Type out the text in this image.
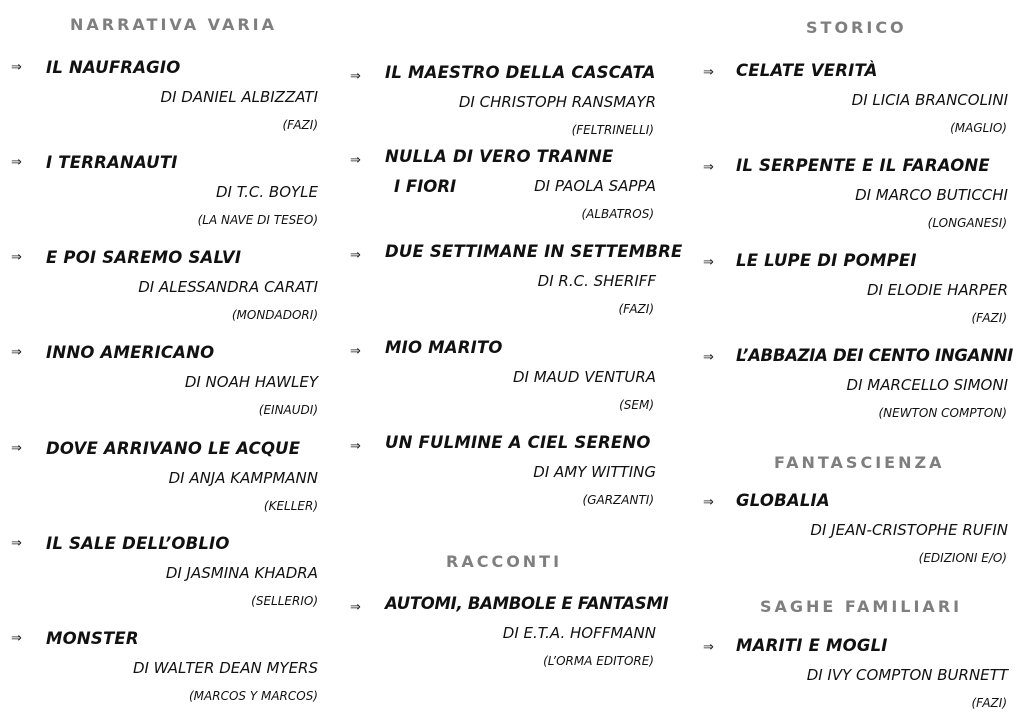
NARRATIVA VARIA
⇒ IL NAUFRAGIO
DI DANIEL ALBIZZATI
(FAZI)
⇒ I TERRANAUTI
DI T.C. BOYLE
(LA NAVE DI TESEO)
⇒ E POI SAREMO SALVI
DI ALESSANDRA CARATI
(MONDADORI)
⇒ INNO AMERICANO
DI NOAH HAWLEY
(EINAUDI)
⇒ DOVE ARRIVANO LE ACQUE
DI ANJA KAMPMANN
(KELLER)
⇒ IL SALE DELL’OBLIO
DI JASMINA KHADRA
(SELLERIO)
⇒ MONSTER
DI WALTER DEAN MYERS
(MARCOS Y MARCOS)
⇒ IL MAESTRO DELLA CASCATA
DI CHRISTOPH RANSMAYR
(FELTRINELLI)
⇒ NULLA DI VERO TRANNE
I FIORI	DI PAOLA SAPPA
(ALBATROS)
⇒ DUE SETTIMANE IN SETTEMBRE
DI R.C. SHERIFF
(FAZI)
⇒ MIO MARITO
DI MAUD VENTURA
(SEM)
⇒ UN FULMINE A CIEL SERENO
DI AMY WITTING
(GARZANTI)
RACCONTI
⇒ AUTOMI, BAMBOLE E FANTASMI
DI E.T.A. HOFFMANN
(L’ORMA EDITORE)
STORICO
⇒ CELATE VERITÀ
DI LICIA BRANCOLINI
(MAGLIO)
⇒ IL SERPENTE E IL FARAONE
DI MARCO BUTICCHI
(LONGANESI)
⇒ LE LUPE DI POMPEI
DI ELODIE HARPER
(FAZI)
⇒ L’ABBAZIA DEI CENTO INGANNI
DI MARCELLO SIMONI
(NEWTON COMPTON)
FANTASCIENZA
⇒ GLOBALIA
DI JEAN-CRISTOPHE RUFIN
(EDIZIONI E/O)
SAGHE FAMILIARI
⇒ MARITI E MOGLI
DI IVY COMPTON BURNETT
(FAZI)
